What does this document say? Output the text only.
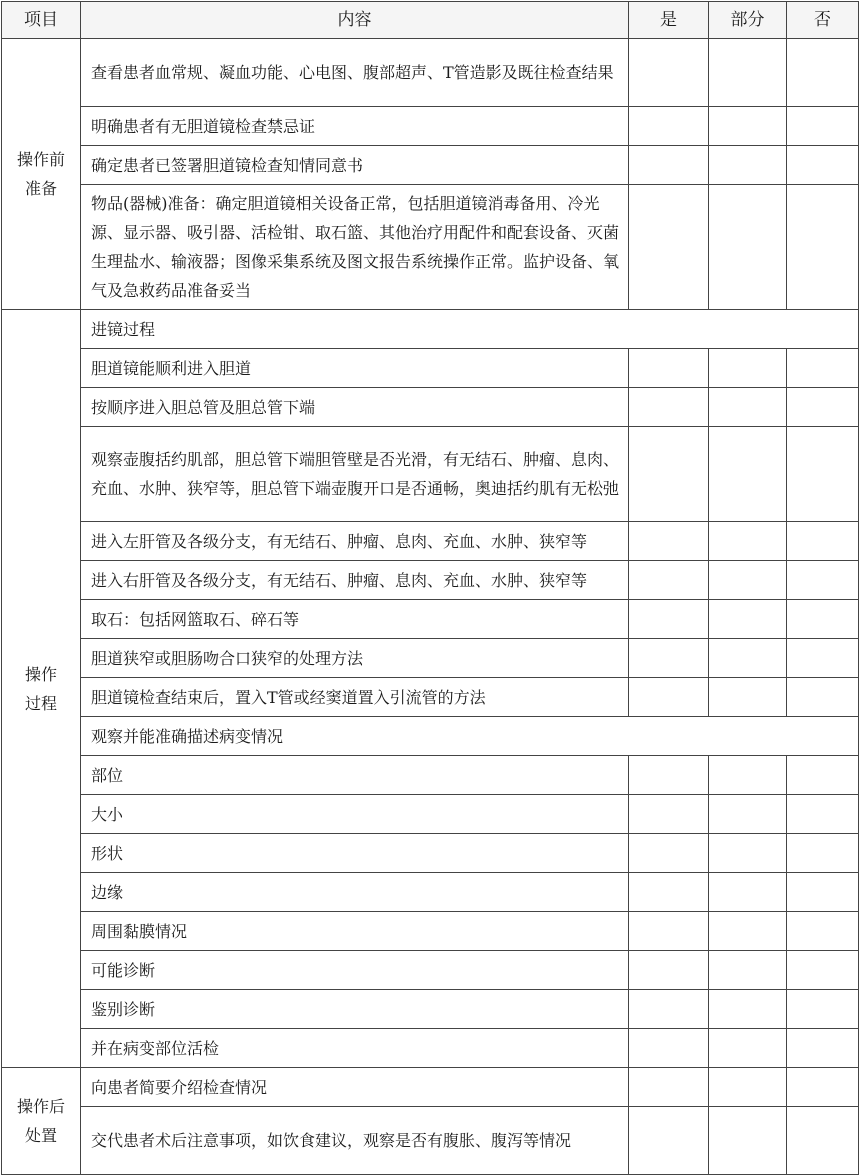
项目	内容	是	部分	否
操作前准备	查看患者血常规、凝血功能、心电图、腹部超声、T管造影及既往检查结果			
	明确患者有无胆道镜检查禁忌证			
	确定患者已签署胆道镜检查知情同意书			
	物品(器械)准备：确定胆道镜相关设备正常，包括胆道镜消毒备用、冷光源、显示器、吸引器、活检钳、取石篮、其他治疗用配件和配套设备、灭菌生理盐水、输液器；图像采集系统及图文报告系统操作正常。监护设备、氧气及急救药品准备妥当			
操作过程	进镜过程			
	胆道镜能顺利进入胆道			
	按顺序进入胆总管及胆总管下端			
	观察壶腹括约肌部，胆总管下端胆管壁是否光滑，有无结石、肿瘤、息肉、充血、水肿、狭窄等，胆总管下端壶腹开口是否通畅，奥迪括约肌有无松弛			
	进入左肝管及各级分支，有无结石、肿瘤、息肉、充血、水肿、狭窄等			
	进入右肝管及各级分支，有无结石、肿瘤、息肉、充血、水肿、狭窄等			
	取石：包括网篮取石、碎石等			
	胆道狭窄或胆肠吻合口狭窄的处理方法			
	胆道镜检查结束后，置入T管或经窦道置入引流管的方法			
	观察并能准确描述病变情况			
	部位			
	大小			
	形状			
	边缘			
	周围黏膜情况			
	可能诊断			
	鉴别诊断			
	并在病变部位活检			
操作后处置	向患者简要介绍检查情况			
	交代患者术后注意事项，如饮食建议，观察是否有腹胀、腹泻等情况			
